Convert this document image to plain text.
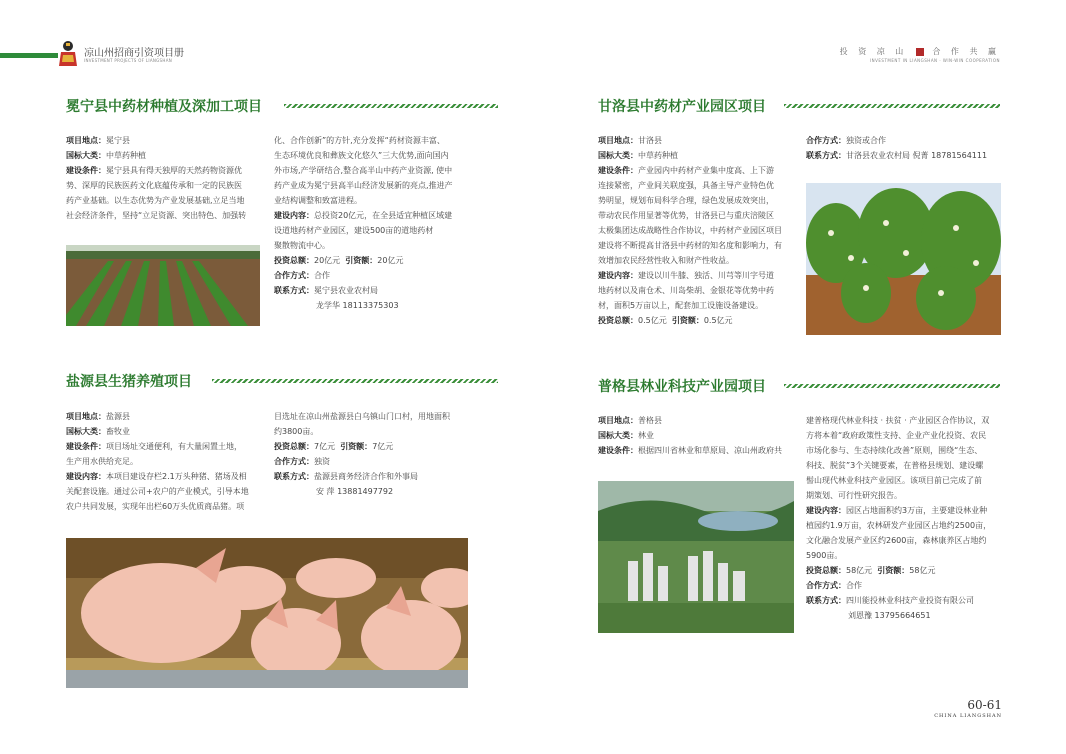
凉山州招商引资项目册
INVESTMENT PROJECTS OF LIANGSHAN
投 资 凉 山  合 作 共 赢
INVESTMENT IN LIANGSHAN · WIN-WIN COOPERATION
冕宁县中药材种植及深加工项目
项目地点：冕宁县
国标大类：中草药种植
建设条件：冕宁县具有得天独厚的天然药物资源优
势、深厚的民族医药文化底蕴传承和一定的民族医
药产业基础。以生态优势为产业发展基础,立足当地
社会经济条件，坚持“立足资源、突出特色、加强转
化、合作创新”的方针,充分发挥“药材资源丰富、
生态环境优良和彝族文化悠久”三大优势,面向国内
外市场,产学研结合,整合高半山中药产业资源, 使中
药产业成为冕宁县高半山经济发展新的亮点,推进产
业结构调整和致富进程。
建设内容：总投资20亿元，在全县适宜种植区域建
设道地药材产业园区，建设500亩的道地药材
聚散物流中心。
投资总额：20亿元 引资额：20亿元
合作方式：合作
联系方式：冕宁县农业农村局
龙学华 18113375303
甘洛县中药材产业园区项目
项目地点：甘洛县
国标大类：中草药种植
建设条件：产业园内中药材产业集中度高、上下游
连接紧密，产业间关联度强，具备主导产业特色优
势明显，规划布局科学合理，绿色发展成效突出，
带动农民作用显著等优势，甘洛县已与重庆涪陵区
太极集团达成战略性合作协议，中药材产业园区项目
建设将不断提高甘洛县中药材的知名度和影响力，有
效增加农民经营性收入和财产性收益。
建设内容：建设以川牛膝、独活、川芎等川字号道
地药材以及南仓术、川岛柴胡、金银花等优势中药
材，面积5万亩以上，配套加工设施设备建设。
投资总额：0.5亿元 引资额：0.5亿元
合作方式：独资或合作
联系方式：甘洛县农业农村局 倪菁 18781564111
盐源县生猪养殖项目
项目地点：盐源县
国标大类：畜牧业
建设条件：项目场址交通便利，有大量闲置土地，
生产用水供给充足。
建设内容：本项目建设存栏2.1万头种猪、猪场及相
关配套设施。通过公司+农户的产业模式，引导本地
农户共同发展，实现年出栏60万头优质商品猪。项
目选址在凉山州盐源县白乌镇山门口村，用地面积
约3800亩。
投资总额：7亿元 引资额：7亿元
合作方式：独资
联系方式：盐源县商务经济合作和外事局
安 萍 13881497792
普格县林业科技产业园项目
项目地点：普格县
国标大类：林业
建设条件：根据四川省林业和草原局、凉山州政府共
建普格现代林业科技 · 扶贫 · 产业园区合作协议，双
方将本着“政府政策性支持、企业产业化投资、农民
市场化参与、生态持续化改善”原则，围绕“生态、
科技、脱贫”3个关键要素，在普格县规划、建设螺
髻山现代林业科技产业园区。该项目前已完成了前
期策划、可行性研究报告。
建设内容：园区占地面积约3万亩，主要建设林业种
植园约1.9万亩，农林研发产业园区占地约2500亩，
文化融合发展产业区约2600亩，森林康养区占地约
5900亩。
投资总额：58亿元 引资额：58亿元
合作方式：合作
联系方式：四川能投林业科技产业投资有限公司
刘恩豫 13795664651
60-61
CHINA LIANGSHAN
